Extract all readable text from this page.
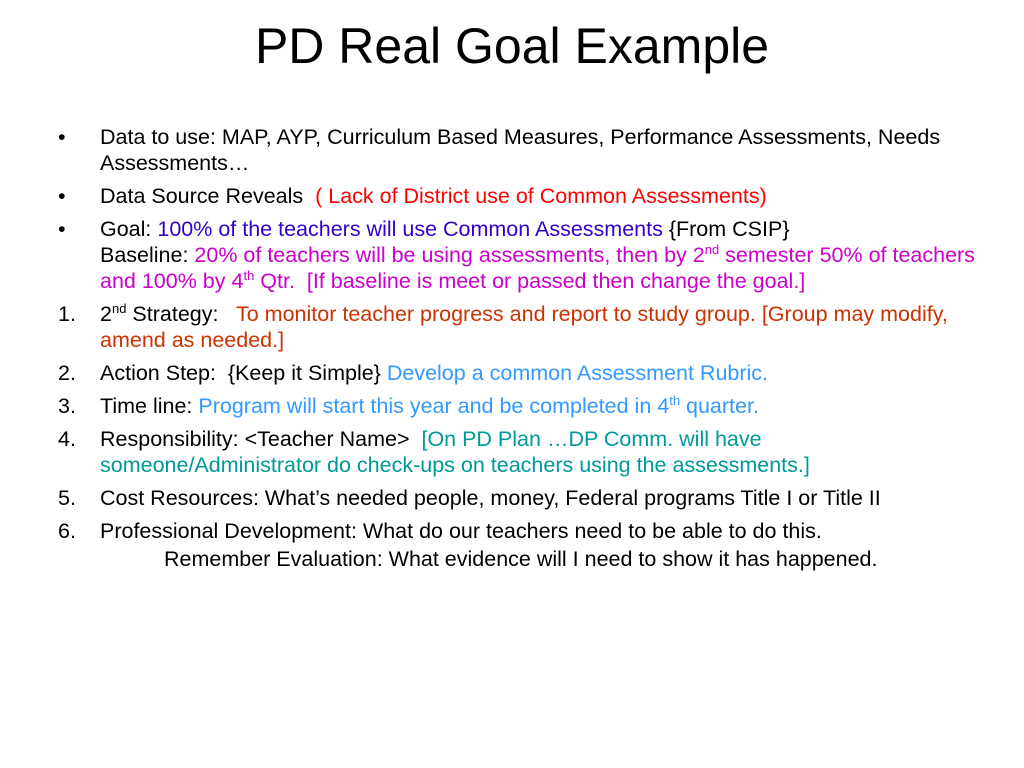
PD Real Goal Example
•	Data to use: MAP, AYP, Curriculum Based Measures, Performance Assessments, Needs Assessments…
•	Data Source Reveals  ( Lack of District use of Common Assessments)
•	Goal: 100% of the teachers will use Common Assessments {From CSIP}
Baseline: 20% of teachers will be using assessments, then by 2nd semester 50% of teachers and 100% by 4th Qtr.  [If baseline is meet or passed then change the goal.]
1.	2nd Strategy:   To monitor teacher progress and report to study group. [Group may modify, amend as needed.]
2.	Action Step:  {Keep it Simple} Develop a common Assessment Rubric.
3.	Time line: Program will start this year and be completed in 4th quarter.
4.	Responsibility: <Teacher Name>  [On PD Plan …DP Comm. will have someone/Administrator do check-ups on teachers using the assessments.]
5.	Cost Resources: What’s needed people, money, Federal programs Title I or Title II
6.	Professional Development: What do our teachers need to be able to do this.
Remember Evaluation: What evidence will I need to show it has happened.
